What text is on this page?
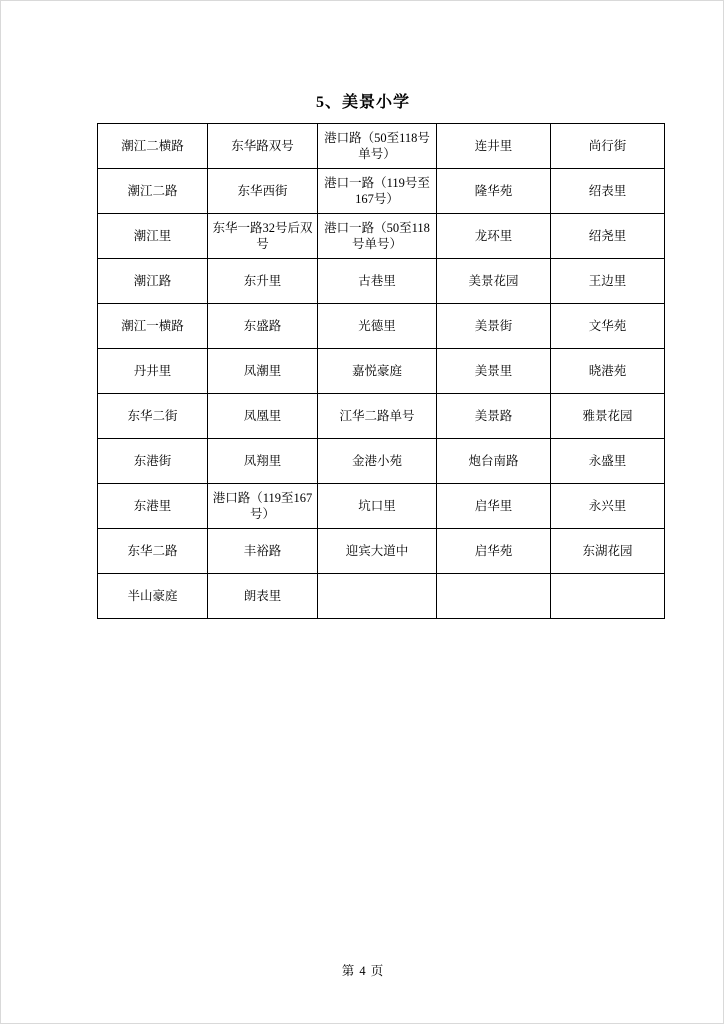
5、美景小学
潮江二横路	东华路双号	港口路（50至118号单号）	连井里	尚行街
潮江二路	东华西街	港口一路（119号至167号）	隆华苑	绍表里
潮江里	东华一路32号后双号	港口一路（50至118号单号）	龙环里	绍尧里
潮江路	东升里	古巷里	美景花园	王边里
潮江一横路	东盛路	光德里	美景街	文华苑
丹井里	凤潮里	嘉悦豪庭	美景里	晓港苑
东华二街	凤凰里	江华二路单号	美景路	雅景花园
东港街	凤翔里	金港小苑	炮台南路	永盛里
东港里	港口路（119至167号）	坑口里	启华里	永兴里
东华二路	丰裕路	迎宾大道中	启华苑	东湖花园
半山豪庭	朗表里			
第 4 页
